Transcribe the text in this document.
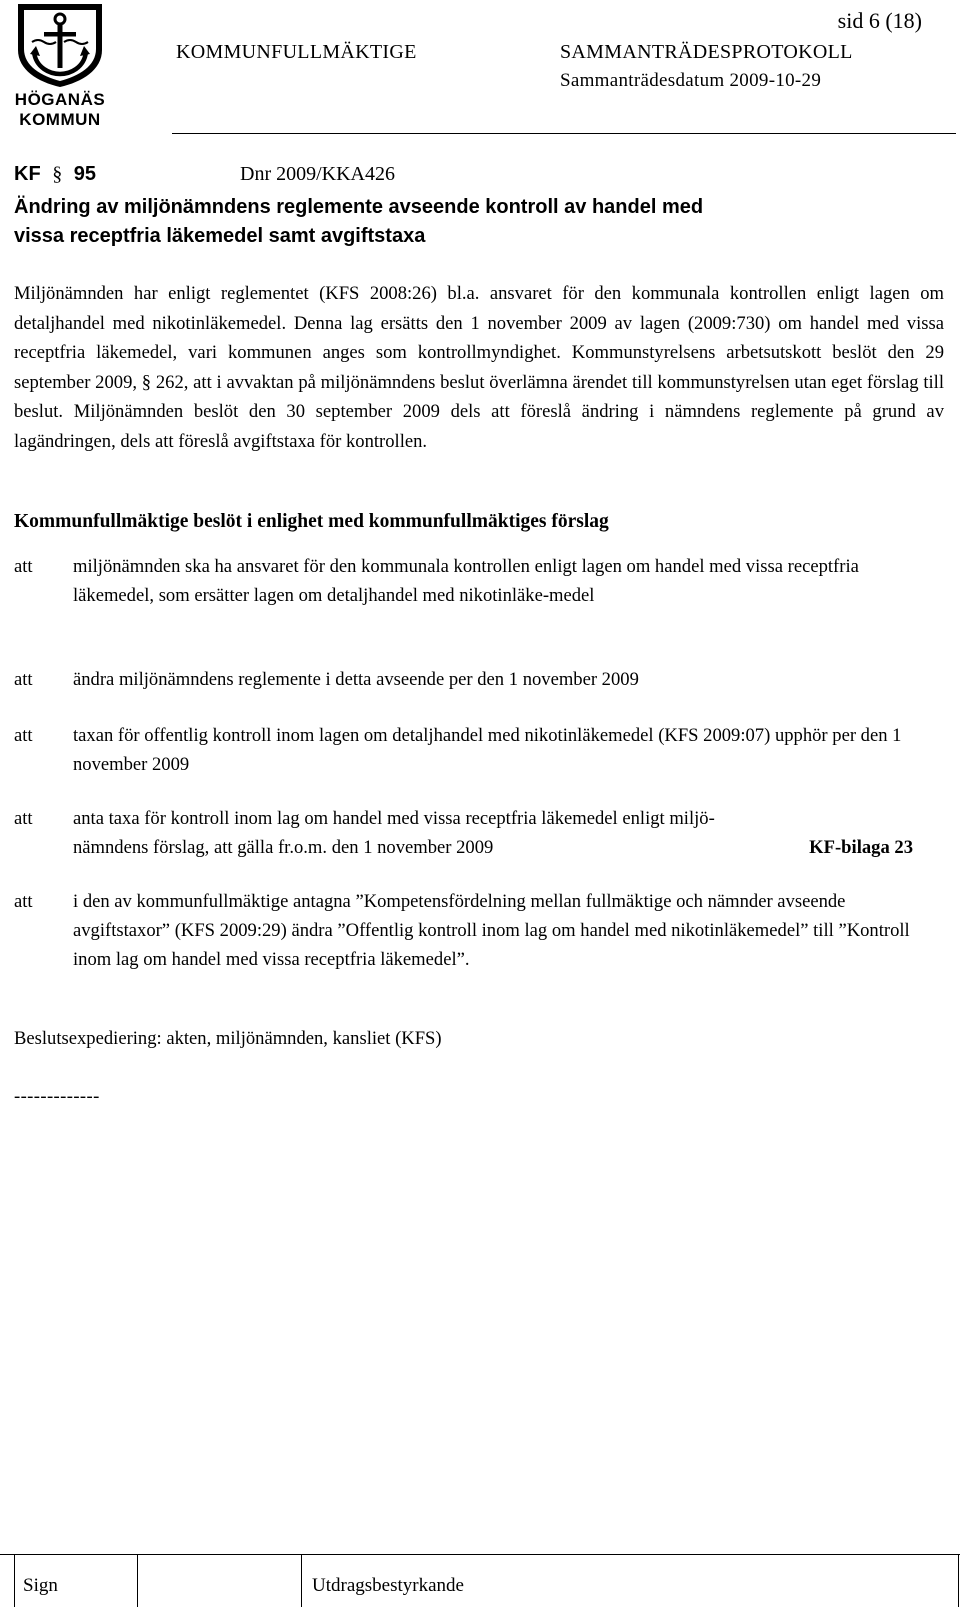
HÖGANÄS
KOMMUN
sid 6 (18)
KOMMUNFULLMÄKTIGE	SAMMANTRÄDESPROTOKOLL
Sammanträdesdatum 2009-10-29
KF § 95	Dnr 2009/KKA426
Ändring av miljönämndens reglemente avseende kontroll av handel med
vissa receptfria läkemedel samt avgiftstaxa

Miljönämnden har enligt reglementet (KFS 2008:26) bl.a. ansvaret för den kommunala kontrollen enligt lagen om detaljhandel med nikotinläkemedel. Denna lag ersätts den 1 november 2009 av lagen (2009:730) om handel med vissa receptfria läkemedel, vari kommunen anges som kontrollmyndighet. Kommunstyrelsens arbetsutskott beslöt den 29 september 2009, § 262, att i avvaktan på miljönämndens beslut överlämna ärendet till kommunstyrelsen utan eget förslag till beslut. Miljönämnden beslöt den 30 september 2009 dels att föreslå ändring i nämndens reglemente på grund av lagändringen, dels att föreslå avgiftstaxa för kontrollen.

Kommunfullmäktige beslöt i enlighet med kommunfullmäktiges förslag
att miljönämnden ska ha ansvaret för den kommunala kontrollen enligt lagen om handel med vissa receptfria läkemedel, som ersätter lagen om detaljhandel med nikotinläke-medel
att ändra miljönämndens reglemente i detta avseende per den 1 november 2009
att taxan för offentlig kontroll inom lagen om detaljhandel med nikotinläkemedel (KFS 2009:07) upphör per den 1 november 2009
att anta taxa för kontroll inom lag om handel med vissa receptfria läkemedel enligt miljö-
nämndens förslag, att gälla fr.o.m. den 1 november 2009	KF-bilaga 23
att i den av kommunfullmäktige antagna ”Kompetensfördelning mellan fullmäktige och nämnder avseende avgiftstaxor” (KFS 2009:29) ändra ”Offentlig kontroll inom lag om handel med nikotinläkemedel” till ”Kontroll inom lag om handel med vissa receptfria läkemedel”.
Beslutsexpediering: akten, miljönämnden, kansliet (KFS)
-------------
Sign	Utdragsbestyrkande
